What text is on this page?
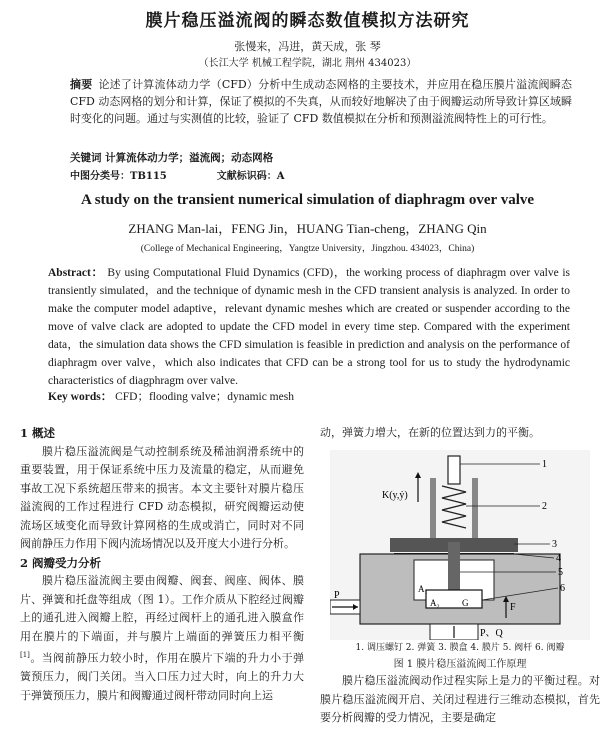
膜片稳压溢流阀的瞬态数值模拟方法研究
张慢来，冯进，黄天成，张 琴
（长江大学 机械工程学院，湖北 荆州 434023）
摘要 论述了计算流体动力学（CFD）分析中生成动态网格的主要技术，并应用在稳压膜片溢流阀瞬态 CFD 动态网格的划分和计算，保证了模拟的不失真，从而较好地解决了由于阀瓣运动所导致计算区域瞬时变化的问题。通过与实测值的比较，验证了 CFD 数值模拟在分析和预测溢流阀特性上的可行性。
关键词 计算流体动力学；溢流阀；动态网格
中图分类号：TB115	文献标识码：A
A study on the transient numerical simulation of diaphragm over valve
ZHANG Man-lai，FENG Jin，HUANG Tian-cheng，ZHANG Qin
(College of Mechanical Engineering，Yangtze University，Jingzhou. 434023，China)
Abstract： By using Computational Fluid Dynamics (CFD)，the working process of diaphragm over valve is transiently simulated，and the technique of dynamic mesh in the CFD transient analysis is analyzed. In order to make the computer model adaptive，relevant dynamic meshes which are created or suspender according to the move of valve clack are adopted to update the CFD model in every time step. Compared with the experiment data，the simulation data shows the CFD simulation is feasible in prediction and analysis on the performance of diaphragm over valve，which also indicates that CFD can be a strong tool for us to study the hydrodynamic characteristics of diagphragm over valve.
Key words： CFD；flooding valve；dynamic mesh
1 概述
膜片稳压溢流阀是气动控制系统及稀油润滑系统中的重要装置，用于保证系统中压力及流量的稳定，从而避免事故工况下系统超压带来的损害。本文主要针对膜片稳压溢流阀的工作过程进行 CFD 动态模拟，研究阀瓣运动使流场区域变化而导致计算网格的生成或消亡，同时对不同阀前静压力作用下阀内流场情况以及开度大小进行分析。
2 阀瓣受力分析
膜片稳压溢流阀主要由阀瓣、阀套、阀座、阀体、膜片、弹簧和托盘等组成（图 1）。工作介质从下腔经过阀瓣上的通孔进入阀瓣上腔，再经过阀杆上的通孔进入膜盒作用在膜片的下端面，并与膜片上端面的弹簧压力相平衡[1]。当阀前静压力较小时，作用在膜片下端的升力小于弹簧预压力，阀门关闭。当入口压力过大时，向上的升力大于弹簧预压力，膜片和阀瓣通过阀杆带动同时向上运
动，弹簧力增大，在新的位置达到力的平衡。
K(y,ẏ)
1
2
3
4
5
6
P
F
A₁
A₂ G
P、Q
1. 调压螺钉 2. 弹簧 3. 膜盒 4. 膜片 5. 阀杆 6. 阀瓣
图 1 膜片稳压溢流阀工作原理
膜片稳压溢流阀动作过程实际上是力的平衡过程。对膜片稳压溢流阀开启、关闭过程进行三维动态模拟，首先要分析阀瓣的受力情况，主要是确定
